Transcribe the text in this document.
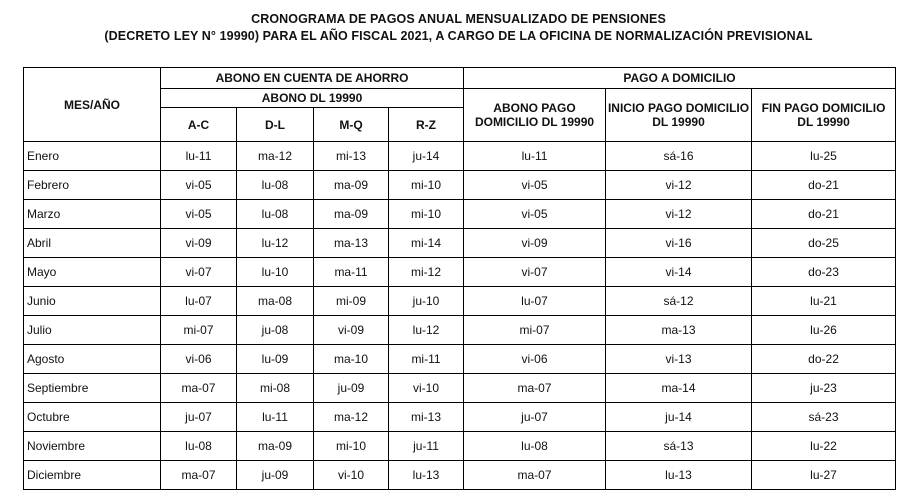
CRONOGRAMA DE PAGOS ANUAL MENSUALIZADO DE PENSIONES
(DECRETO LEY N° 19990) PARA EL AÑO FISCAL 2021, A CARGO DE LA OFICINA DE NORMALIZACIÓN PREVISIONAL
MES/AÑO	ABONO EN CUENTA DE AHORRO				PAGO A DOMICILIO		
	ABONO DL 19990				ABONO PAGO DOMICILIO DL 19990	INICIO PAGO DOMICILIO DL 19990	FIN PAGO DOMICILIO DL 19990
	A-C	D-L	M-Q	R-Z			
Enero	lu-11	ma-12	mi-13	ju-14	lu-11	sá-16	lu-25
Febrero	vi-05	lu-08	ma-09	mi-10	vi-05	vi-12	do-21
Marzo	vi-05	lu-08	ma-09	mi-10	vi-05	vi-12	do-21
Abril	vi-09	lu-12	ma-13	mi-14	vi-09	vi-16	do-25
Mayo	vi-07	lu-10	ma-11	mi-12	vi-07	vi-14	do-23
Junio	lu-07	ma-08	mi-09	ju-10	lu-07	sá-12	lu-21
Julio	mi-07	ju-08	vi-09	lu-12	mi-07	ma-13	lu-26
Agosto	vi-06	lu-09	ma-10	mi-11	vi-06	vi-13	do-22
Septiembre	ma-07	mi-08	ju-09	vi-10	ma-07	ma-14	ju-23
Octubre	ju-07	lu-11	ma-12	mi-13	ju-07	ju-14	sá-23
Noviembre	lu-08	ma-09	mi-10	ju-11	lu-08	sá-13	lu-22
Diciembre	ma-07	ju-09	vi-10	lu-13	ma-07	lu-13	lu-27
